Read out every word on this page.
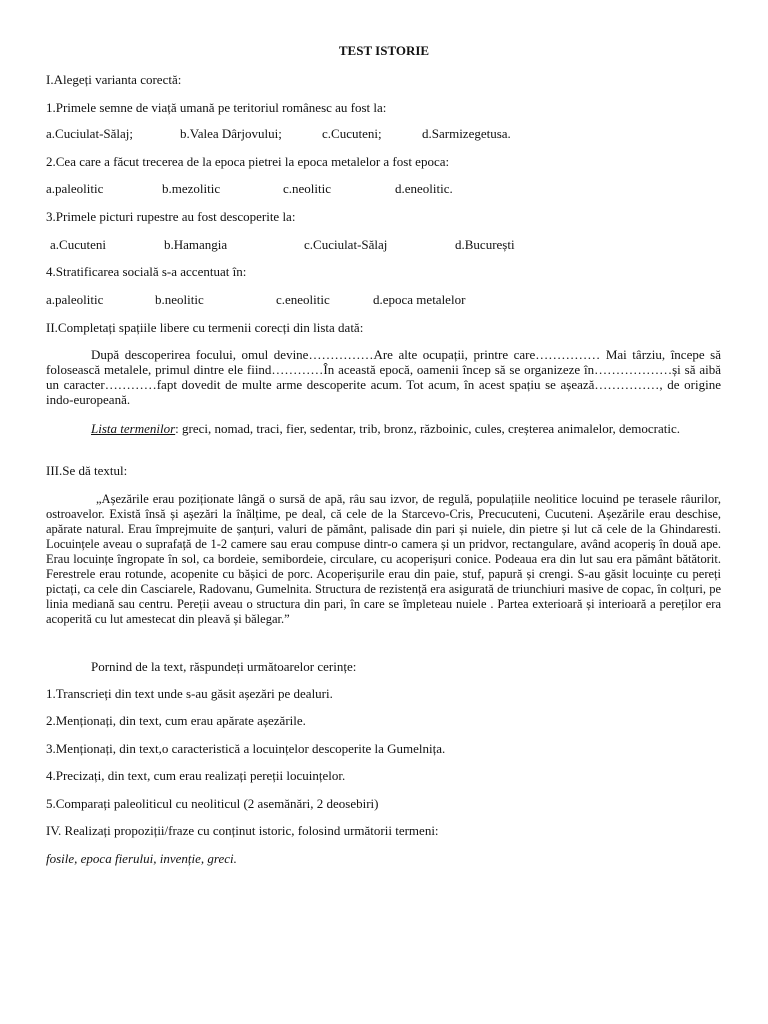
TEST ISTORIE
I.Alegeți varianta corectă:
1.Primele semne de viață umană pe teritoriul românesc au fost la:
a.Cuciulat-Sălaj;	b.Valea Dârjovului;	c.Cucuteni;	d.Sarmizegetusa.
2.Cea care a făcut trecerea de la epoca pietrei la epoca metalelor a fost epoca:
a.paleolitic	b.mezolitic	c.neolitic	d.eneolitic.
3.Primele picturi rupestre au fost descoperite la:
a.Cucuteni	b.Hamangia	c.Cuciulat-Sălaj	d.București
4.Stratificarea socială s-a accentuat în:
a.paleolitic	b.neolitic	c.eneolitic	d.epoca metalelor
II.Completați spațiile libere cu termenii corecți din lista dată:
După descoperirea focului, omul devine……………Are alte ocupații, printre care…………… Mai târziu, începe să folosească metalele, primul dintre ele fiind…………În această epocă, oamenii încep să se organizeze în………………și să aibă un caracter…………fapt dovedit de multe arme descoperite acum. Tot acum, în acest spațiu se așează……………, de origine indo-europeană.
Lista termenilor: greci, nomad, traci, fier, sedentar, trib, bronz, războinic, cules, creșterea animalelor, democratic.
III.Se dă textul:
„Așezările erau poziționate lângă o sursă de apă, râu sau izvor, de regulă, populațiile neolitice locuind pe terasele râurilor, ostroavelor. Există însă și așezări la înălțime, pe deal, că cele de la Starcevo-Cris, Precucuteni, Cucuteni. Așezările erau deschise, apărate natural. Erau împrejmuite de șanțuri, valuri de pământ, palisade din pari și nuiele, din pietre și lut că cele de la Ghindaresti. Locuințele aveau o suprafață de 1-2 camere sau erau compuse dintr-o camera și un pridvor, rectangulare, având acoperiș în două ape. Erau locuințe îngropate în sol, ca bordeie, semibordeie, circulare, cu acoperișuri conice. Podeaua era din lut sau era pământ bătătorit. Ferestrele erau rotunde, acopenite cu bășici de porc. Acoperișurile erau din paie, stuf, papură și crengi. S-au găsit locuințe cu pereți pictați, ca cele din Casciarele, Radovanu, Gumelnita. Structura de rezistență era asigurată de triunchiuri masive de copac, în colțuri, pe linia mediană sau centru. Pereții aveau o structura din pari, în care se împleteau nuiele . Partea exterioară și interioară a pereților era acoperită cu lut amestecat din pleavă și bălegar.”
Pornind de la text, răspundeți următoarelor cerințe:
1.Transcrieți din text unde s-au găsit așezări pe dealuri.
2.Menționați, din text, cum erau apărate așezările.
3.Menționați, din text,o caracteristică a locuințelor descoperite la Gumelnița.
4.Precizați, din text, cum erau realizați pereții locuințelor.
5.Comparați paleoliticul cu neoliticul (2 asemănări, 2 deosebiri)
IV. Realizați propoziții/fraze cu conținut istoric, folosind următorii termeni:
fosile, epoca fierului, invenție, greci.
